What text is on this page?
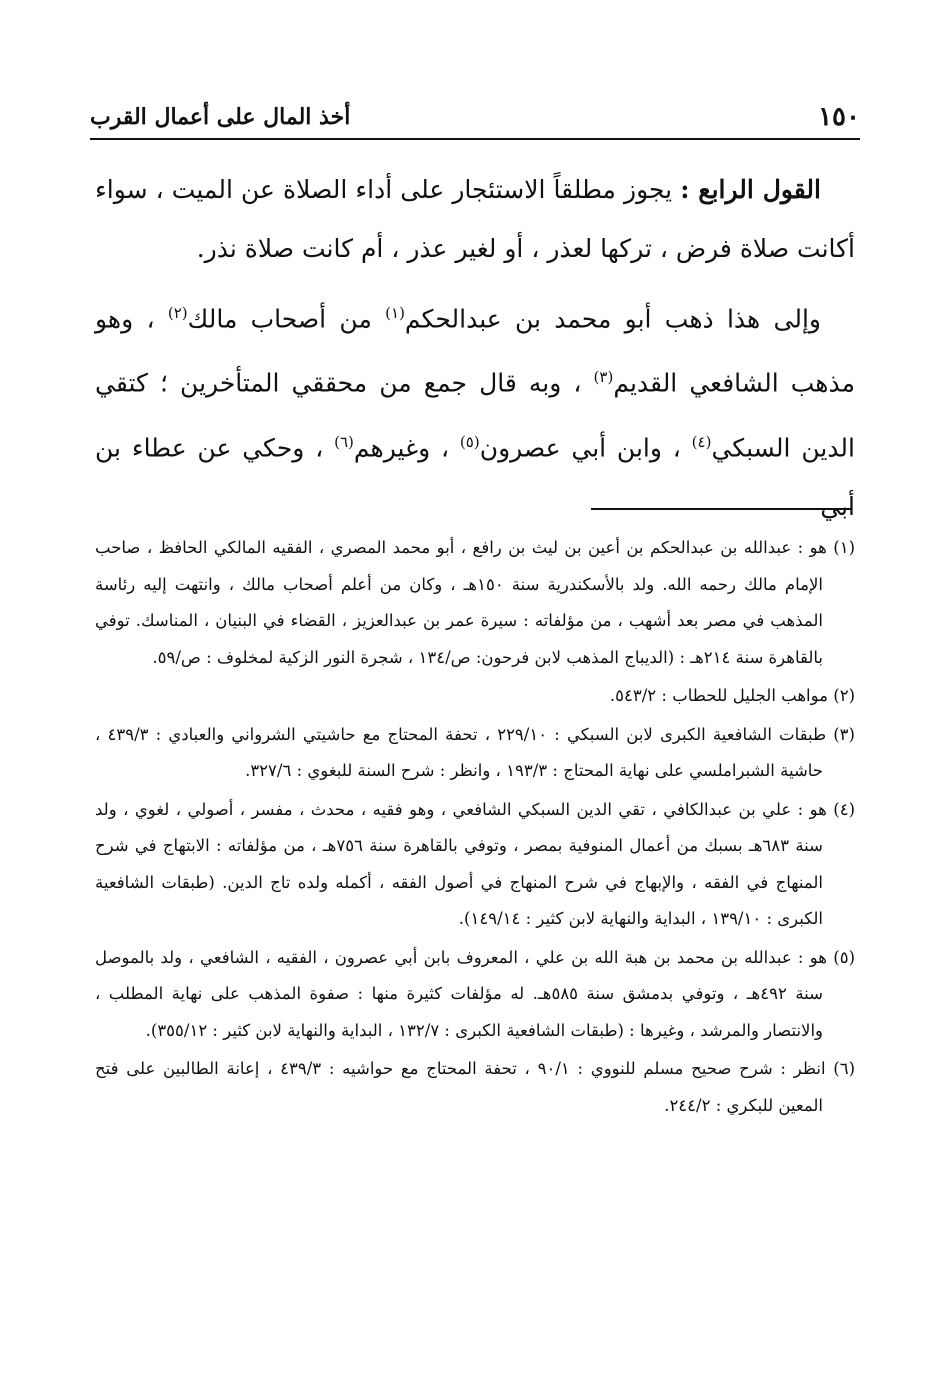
١٥٠
أخذ المال على أعمال القرب

القول الرابع : يجوز مطلقاً الاستئجار على أداء الصلاة عن الميت ، سواء أكانت صلاة فرض ، تركها لعذر ، أو لغير عذر ، أم كانت صلاة نذر.

وإلى هذا ذهب أبو محمد بن عبدالحكم$^{(١)}$ من أصحاب مالك$^{(٢)}$ ، وهو مذهب الشافعي القديم$^{(٣)}$ ، وبه قال جمع من محققي المتأخرين ؛ كتقي الدين السبكي$^{(٤)}$ ، وابن أبي عصرون$^{(٥)}$ ، وغيرهم$^{(٦)}$ ، وحكي عن عطاء بن أبي

(١) هو : عبدالله بن عبدالحكم بن أعين بن ليث بن رافع ، أبو محمد المصري ، الفقيه المالكي الحافظ ، صاحب الإمام مالك رحمه الله. ولد بالأسكندرية سنة ١٥٠هـ ، وكان من أعلم أصحاب مالك ، وانتهت إليه رئاسة المذهب في مصر بعد أشهب ، من مؤلفاته : سيرة عمر بن عبدالعزيز ، القضاء في البنيان ، المناسك. توفي بالقاهرة سنة ٢١٤هـ : (الديباج المذهب لابن فرحون: ص/١٣٤ ، شجرة النور الزكية لمخلوف : ص/٥٩.

(٢) مواهب الجليل للحطاب : ٥٤٣/٢.

(٣) طبقات الشافعية الكبرى لابن السبكي : ٢٢٩/١٠ ، تحفة المحتاج مع حاشيتي الشرواني والعبادي : ٤٣٩/٣ ، حاشية الشبراملسي على نهاية المحتاج : ١٩٣/٣ ، وانظر : شرح السنة للبغوي : ٣٢٧/٦.

(٤) هو : علي بن عبدالكافي ، تقي الدين السبكي الشافعي ، وهو فقيه ، محدث ، مفسر ، أصولي ، لغوي ، ولد سنة ٦٨٣هـ بسبك من أعمال المنوفية بمصر ، وتوفي بالقاهرة سنة ٧٥٦هـ ، من مؤلفاته : الابتهاج في شرح المنهاج في الفقه ، والإبهاج في شرح المنهاج في أصول الفقه ، أكمله ولده تاج الدين. (طبقات الشافعية الكبرى : ١٣٩/١٠ ، البداية والنهاية لابن كثير : ١٤٩/١٤).

(٥) هو : عبدالله بن محمد بن هبة الله بن علي ، المعروف بابن أبي عصرون ، الفقيه ، الشافعي ، ولد بالموصل سنة ٤٩٢هـ ، وتوفي بدمشق سنة ٥٨٥هـ. له مؤلفات كثيرة منها : صفوة المذهب على نهاية المطلب ، والانتصار والمرشد ، وغيرها : (طبقات الشافعية الكبرى : ١٣٢/٧ ، البداية والنهاية لابن كثير : ٣٥٥/١٢).

(٦) انظر : شرح صحيح مسلم للنووي : ٩٠/١ ، تحفة المحتاج مع حواشيه : ٤٣٩/٣ ، إعانة الطالبين على فتح المعين للبكري : ٢٤٤/٢.
